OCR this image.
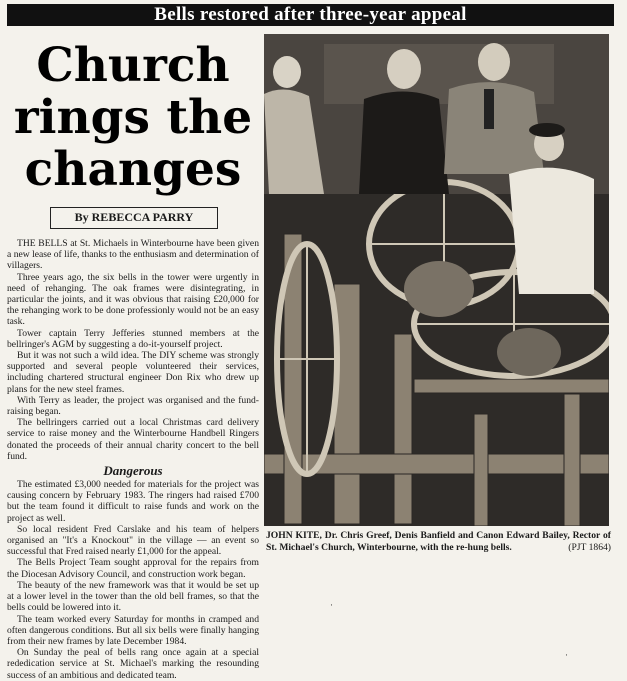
Bells restored after three-year appeal
Church
rings the
changes
By REBECCA PARRY

THE BELLS at St. Michaels in Winterbourne have been given a new lease of life, thanks to the enthusiasm and determination of villagers.

Three years ago, the six bells in the tower were urgently in need of rehanging. The oak frames were disintegrating, in particular the joints, and it was obvious that raising £20,000 for the rehanging work to be done professionly would not be an easy task.

Tower captain Terry Jefferies stunned members at the bellringer's AGM by suggesting a do-it-yourself project.

But it was not such a wild idea. The DIY scheme was strongly supported and several people volunteered their services, including chartered structural engineer Don Rix who drew up plans for the new steel frames.

With Terry as leader, the project was organised and the fund-raising began.

The bellringers carried out a local Christmas card delivery service to raise money and the Winterbourne Handbell Ringers donated the proceeds of their annual charity concert to the bell fund.

Dangerous

The estimated £3,000 needed for materials for the project was causing concern by February 1983. The ringers had raised £700 but the team found it difficult to raise funds and work on the project as well.

So local resident Fred Carslake and his team of helpers organised an "It's a Knockout" in the village — an event so successful that Fred raised nearly £1,000 for the appeal.

The Bells Project Team sought approval for the repairs from the Diocesan Advisory Council, and construction work began.

The beauty of the new framework was that it would be set up at a lower level in the tower than the old bell frames, so that the bells could be lowered into it.

The team worked every Saturday for months in cramped and often dangerous conditions. But all six bells were finally hanging from their new frames by late December 1984.

On Sunday the peal of bells rang once again at a special rededication service at St. Michael's marking the resounding success of an ambitious and dedicated team.

JOHN KITE, Dr. Chris Greef, Denis Banfield and Canon Edward Bailey, Rector of St. Michael's Church, Winterbourne, with the re-hung bells.	(PJT 1864)
·
·
